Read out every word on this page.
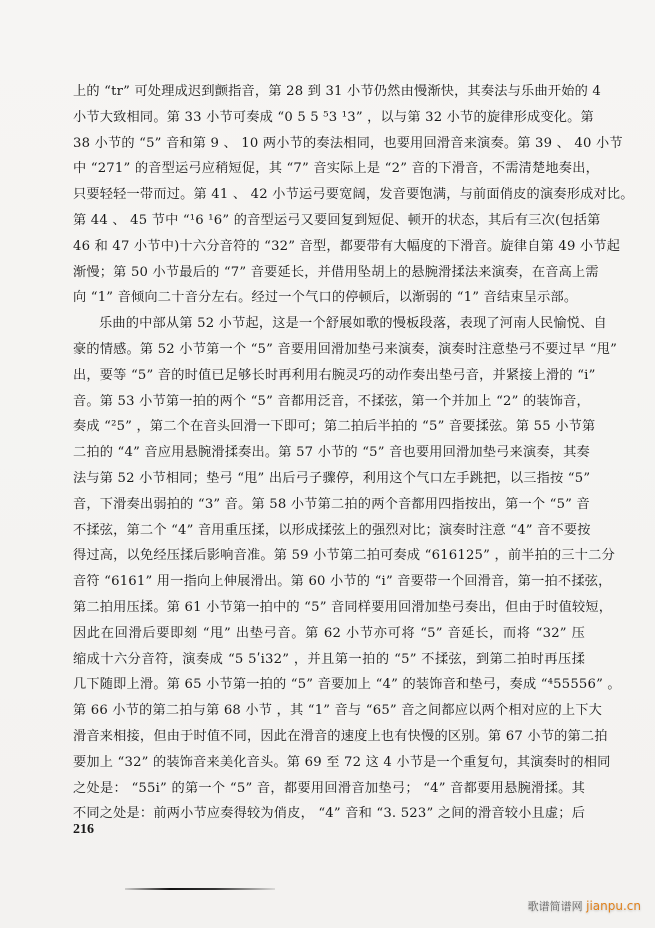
上的 “tr” 可处理成迟到颤指音，第 28 到 31 小节仍然由慢渐快，其奏法与乐曲开始的 4
小节大致相同。第 33 小节可奏成 “0 5 5 ⁵3 ¹3” ，以与第 32 小节的旋律形成变化。第
38 小节的 “5” 音和第 9 、 10 两小节的奏法相同，也要用回滑音来演奏。第 39 、 40 小节
中 “271” 的音型运弓应稍短促，其 “7” 音实际上是 “2” 音的下滑音，不需清楚地奏出，
只要轻轻一带而过。第 41 、 42 小节运弓要宽阔，发音要饱满，与前面俏皮的演奏形成对比。
第 44 、 45 节中 “¹6 ¹6” 的音型运弓又要回复到短促、顿开的状态，其后有三次(包括第
46 和 47 小节中)十六分音符的 “32” 音型，都要带有大幅度的下滑音。旋律自第 49 小节起
渐慢；第 50 小节最后的 “7” 音要延长，并借用坠胡上的悬腕滑揉法来演奏，在音高上需
向 “1” 音倾向二十音分左右。经过一个气口的停顿后，以渐弱的 “1” 音结束呈示部。
乐曲的中部从第 52 小节起，这是一个舒展如歌的慢板段落，表现了河南人民愉悦、自
豪的情感。第 52 小节第一个 “5” 音要用回滑加垫弓来演奏，演奏时注意垫弓不要过早 “甩”
出，要等 “5” 音的时值已足够长时再利用右腕灵巧的动作奏出垫弓音，并紧接上滑的 “i”
音。第 53 小节第一拍的两个 “5” 音都用泛音，不揉弦，第一个并加上 “2” 的装饰音，
奏成 “²5” ，第二个在音头回滑一下即可；第二拍后半拍的 “5” 音要揉弦。第 55 小节第
二拍的 “4” 音应用悬腕滑揉奏出。第 57 小节的 “5” 音也要用回滑加垫弓来演奏，其奏
法与第 52 小节相同；垫弓 “甩” 出后弓子骤停，利用这个气口左手跳把，以三指按 “5”
音，下滑奏出弱拍的 “3” 音。第 58 小节第二拍的两个音都用四指按出，第一个 “5” 音
不揉弦，第二个 “4” 音用重压揉，以形成揉弦上的强烈对比；演奏时注意 “4” 音不要按
得过高，以免经压揉后影响音准。第 59 小节第二拍可奏成 “616125” ，前半拍的三十二分
音符 “6161” 用一指向上伸展滑出。第 60 小节的 “i” 音要带一个回滑音，第一拍不揉弦，
第二拍用压揉。第 61 小节第一拍中的 “5” 音同样要用回滑加垫弓奏出，但由于时值较短，
因此在回滑后要即刻 “甩” 出垫弓音。第 62 小节亦可将 “5” 音延长，而将 “32” 压
缩成十六分音符，演奏成 “5 5ʹi32” ，并且第一拍的 “5” 不揉弦，到第二拍时再压揉
几下随即上滑。第 65 小节第一拍的 “5” 音要加上 “4” 的装饰音和垫弓，奏成 “⁴55556” 。
第 66 小节的第二拍与第 68 小节 ，其 “1” 音与 “65” 音之间都应以两个相对应的上下大
滑音来相接，但由于时值不同，因此在滑音的速度上也有快慢的区别。第 67 小节的第二拍
要加上 “32” 的装饰音来美化音头。第 69 至 72 这 4 小节是一个重复句，其演奏时的相同
之处是： “55i” 的第一个 “5” 音，都要用回滑音加垫弓； “4” 音都要用悬腕滑揉。其
不同之处是：前两小节应奏得较为俏皮， “4” 音和 “3. 523” 之间的滑音较小且虚；后
216
歌谱简谱网 jianpu.cn
